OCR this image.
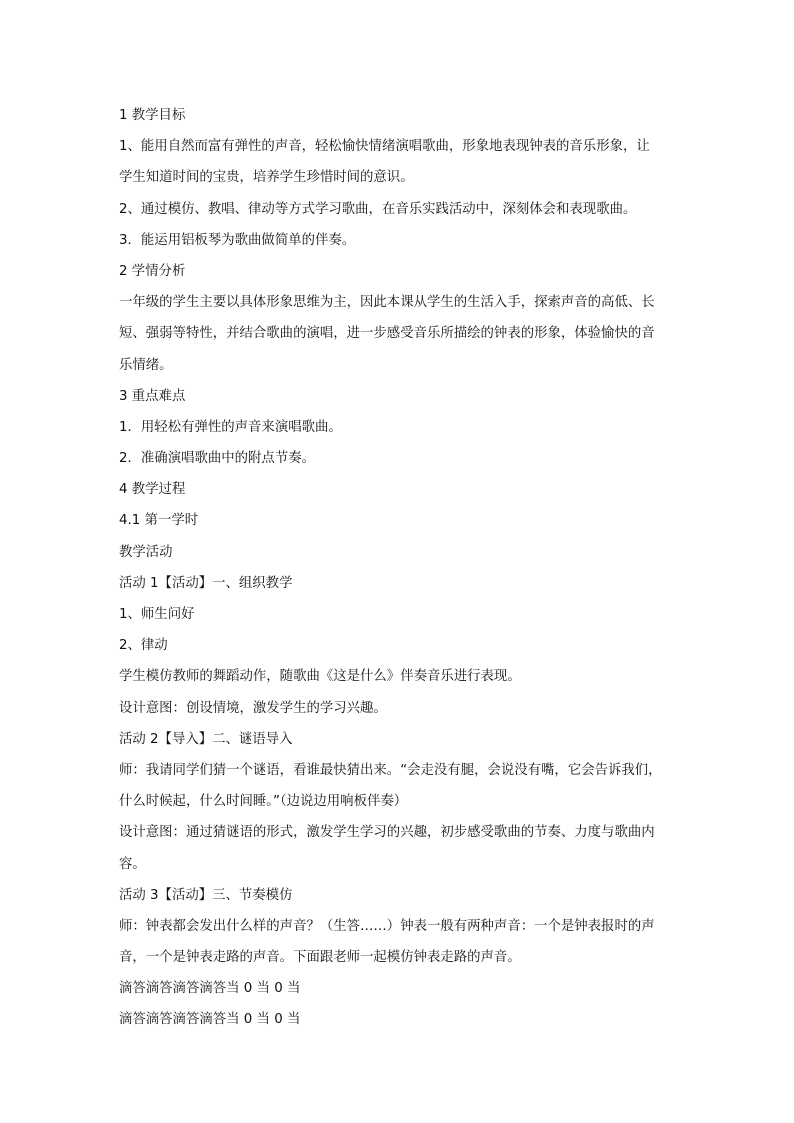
1 教学目标
1、能用自然而富有弹性的声音，轻松愉快情绪演唱歌曲，形象地表现钟表的音乐形象，让
学生知道时间的宝贵，培养学生珍惜时间的意识。
2、通过模仿、教唱、律动等方式学习歌曲，在音乐实践活动中，深刻体会和表现歌曲。
3．能运用铝板琴为歌曲做简单的伴奏。
2 学情分析
一年级的学生主要以具体形象思维为主，因此本课从学生的生活入手，探索声音的高低、长
短、强弱等特性，并结合歌曲的演唱，进一步感受音乐所描绘的钟表的形象，体验愉快的音
乐情绪。
3 重点难点
1．用轻松有弹性的声音来演唱歌曲。
2．准确演唱歌曲中的附点节奏。
4 教学过程
4.1 第一学时
教学活动
活动 1【活动】一、组织教学
1、师生问好
2、律动
学生模仿教师的舞蹈动作，随歌曲《这是什么》伴奏音乐进行表现。
设计意图：创设情境，激发学生的学习兴趣。
活动 2【导入】二、谜语导入
师：我请同学们猜一个谜语，看谁最快猜出来。“会走没有腿，会说没有嘴，它会告诉我们，
什么时候起，什么时间睡。”（边说边用响板伴奏）
设计意图：通过猜谜语的形式，激发学生学习的兴趣，初步感受歌曲的节奏、力度与歌曲内
容。
活动 3【活动】三、节奏模仿
师：钟表都会发出什么样的声音？（生答……）钟表一般有两种声音：一个是钟表报时的声
音，一个是钟表走路的声音。下面跟老师一起模仿钟表走路的声音。
滴答滴答滴答滴答当 0 当 0 当
滴答滴答滴答滴答当 0 当 0 当
